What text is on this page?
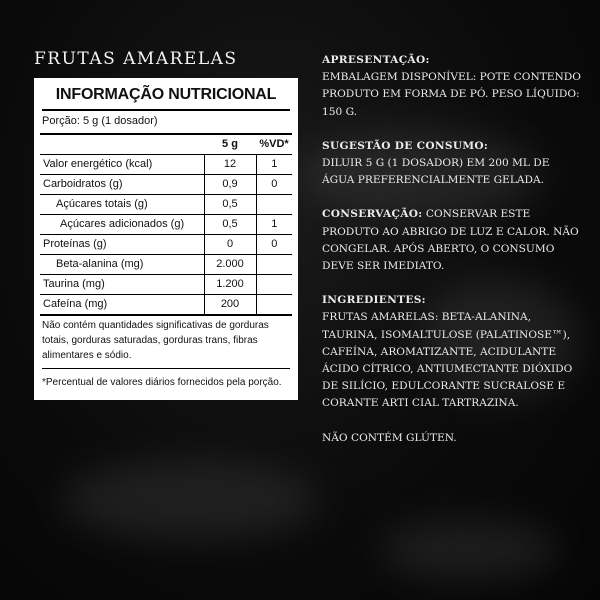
FRUTAS AMARELAS
INFORMAÇÃO NUTRICIONAL
Porção: 5 g (1 dosador)
	5 g	%VD*
Valor energético (kcal)	12	1
Carboidratos (g)	0,9	0
Açúcares totais (g)	0,5	
Açúcares adicionados (g)	0,5	1
Proteínas (g)	0	0
Beta-alanina (mg)	2.000	
Taurina (mg)	1.200	
Cafeína (mg)	200	
Não contém quantidades significativas de gorduras totais, gorduras saturadas, gorduras trans, fibras alimentares e sódio.
*Percentual de valores diários fornecidos pela porção.
APRESENTAÇÃO:
EMBALAGEM DISPONÍVEL: POTE CONTENDO PRODUTO EM FORMA DE PÓ. PESO LÍQUIDO: 150 G.
SUGESTÃO DE CONSUMO:
DILUIR 5 G (1 DOSADOR) EM 200 ML DE ÁGUA PREFERENCIALMENTE GELADA.
CONSERVAÇÃO: CONSERVAR ESTE PRODUTO AO ABRIGO DE LUZ E CALOR. NÃO CONGELAR. APÓS ABERTO, O CONSUMO DEVE SER IMEDIATO.
INGREDIENTES:
FRUTAS AMARELAS: BETA-ALANINA, TAURINA, ISOMALTULOSE (PALATINOSE™), CAFEÍNA, AROMATIZANTE, ACIDULANTE ÁCIDO CÍTRICO, ANTIUMECTANTE DIÓXIDO DE SILÍCIO, EDULCORANTE SUCRALOSE E CORANTE ARTI CIAL TARTRAZINA.
NÃO CONTÉM GLÚTEN.
